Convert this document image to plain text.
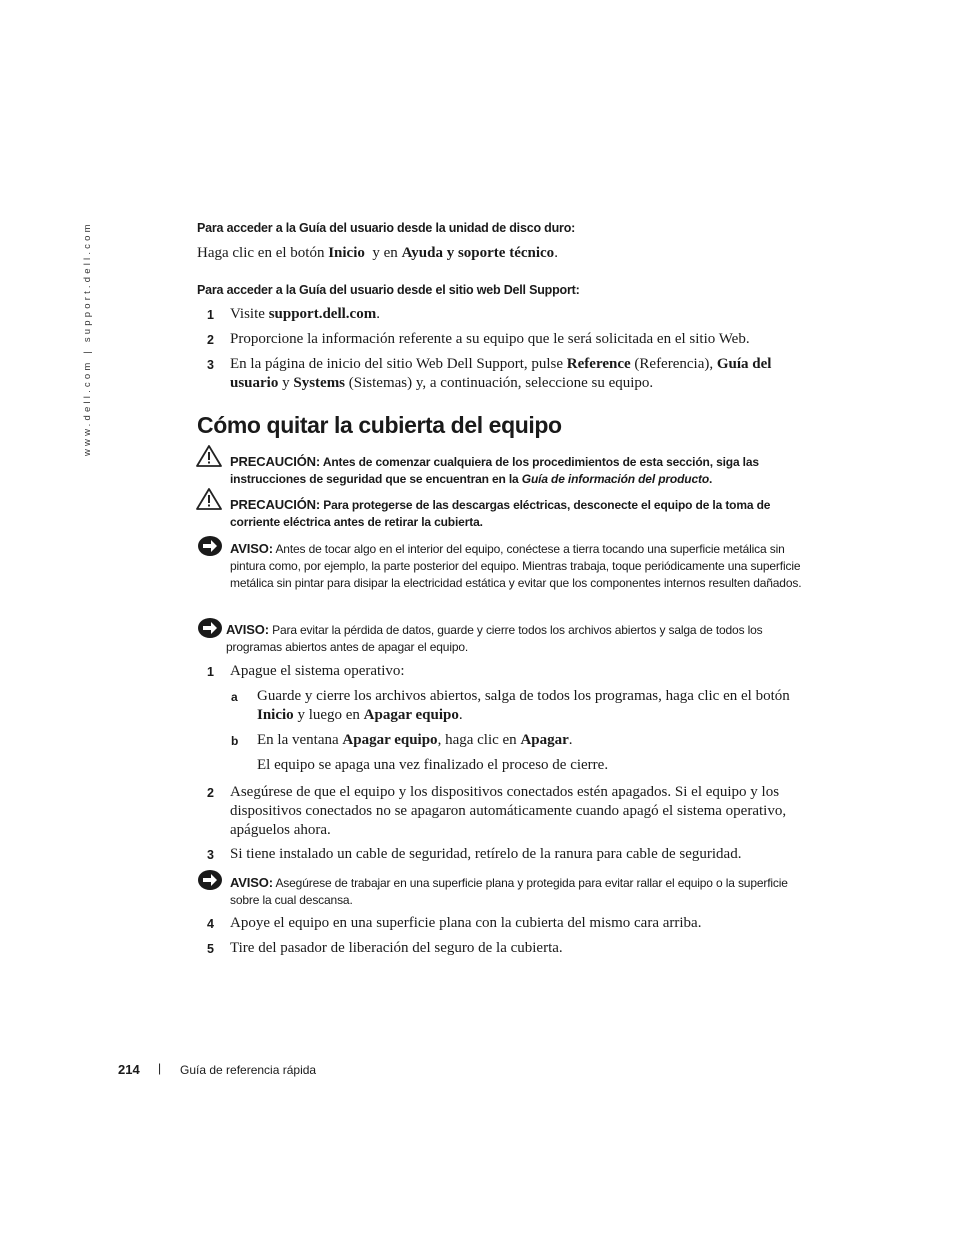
www.dell.com | support.dell.com	Para acceder a la Guía del usuario desde la unidad de disco duro:
Haga clic en el botón Inicio  y en Ayuda y soporte técnico.
Para acceder a la Guía del usuario desde el sitio web Dell Support:
1 Visite support.dell.com.
2 Proporcione la información referente a su equipo que le será solicitada en el sitio Web.
3 En la página de inicio del sitio Web Dell Support, pulse Reference (Referencia), Guía del usuario y Systems (Sistemas) y, a continuación, seleccione su equipo.
Cómo quitar la cubierta del equipo
PRECAUCIÓN: Antes de comenzar cualquiera de los procedimientos de esta sección, siga las instrucciones de seguridad que se encuentran en la Guía de información del producto.
PRECAUCIÓN: Para protegerse de las descargas eléctricas, desconecte el equipo de la toma de corriente eléctrica antes de retirar la cubierta.
AVISO: Antes de tocar algo en el interior del equipo, conéctese a tierra tocando una superficie metálica sin pintura como, por ejemplo, la parte posterior del equipo. Mientras trabaja, toque periódicamente una superficie metálica sin pintar para disipar la electricidad estática y evitar que los componentes internos resulten dañados.
AVISO: Para evitar la pérdida de datos, guarde y cierre todos los archivos abiertos y salga de todos los programas abiertos antes de apagar el equipo.
1 Apague el sistema operativo:
a Guarde y cierre los archivos abiertos, salga de todos los programas, haga clic en el botón Inicio y luego en Apagar equipo.
b En la ventana Apagar equipo, haga clic en Apagar.
El equipo se apaga una vez finalizado el proceso de cierre.
2 Asegúrese de que el equipo y los dispositivos conectados estén apagados. Si el equipo y los dispositivos conectados no se apagaron automáticamente cuando apagó el sistema operativo, apáguelos ahora.
3 Si tiene instalado un cable de seguridad, retírelo de la ranura para cable de seguridad.
AVISO: Asegúrese de trabajar en una superficie plana y protegida para evitar rallar el equipo o la superficie sobre la cual descansa.
4 Apoye el equipo en una superficie plana con la cubierta del mismo cara arriba.
5 Tire del pasador de liberación del seguro de la cubierta.
214 | Guía de referencia rápida
